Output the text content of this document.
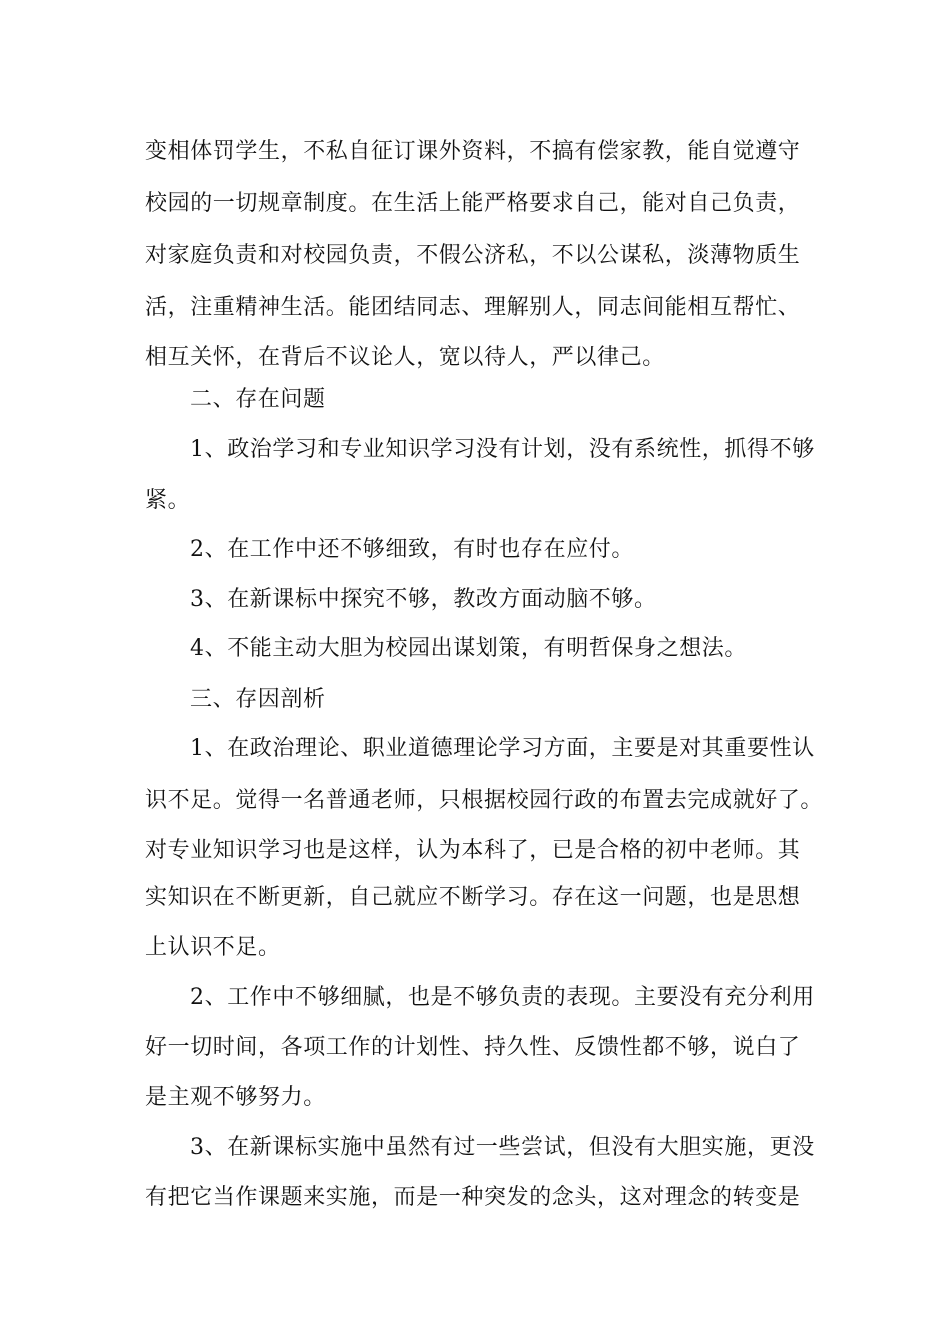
变相体罚学生，不私自征订课外资料，不搞有偿家教，能自觉遵守
校园的一切规章制度。在生活上能严格要求自己，能对自己负责，
对家庭负责和对校园负责，不假公济私，不以公谋私，淡薄物质生
活，注重精神生活。能团结同志、理解别人，同志间能相互帮忙、
相互关怀，在背后不议论人，宽以待人，严以律己。
二、存在问题
1、政治学习和专业知识学习没有计划，没有系统性，抓得不够
紧。
2、在工作中还不够细致，有时也存在应付。
3、在新课标中探究不够，教改方面动脑不够。
4、不能主动大胆为校园出谋划策，有明哲保身之想法。
三、存因剖析
1、在政治理论、职业道德理论学习方面，主要是对其重要性认
识不足。觉得一名普通老师，只根据校园行政的布置去完成就好了。
对专业知识学习也是这样，认为本科了，已是合格的初中老师。其
实知识在不断更新，自己就应不断学习。存在这一问题，也是思想
上认识不足。
2、工作中不够细腻，也是不够负责的表现。主要没有充分利用
好一切时间，各项工作的计划性、持久性、反馈性都不够，说白了
是主观不够努力。
3、在新课标实施中虽然有过一些尝试，但没有大胆实施，更没
有把它当作课题来实施，而是一种突发的念头，这对理念的转变是
